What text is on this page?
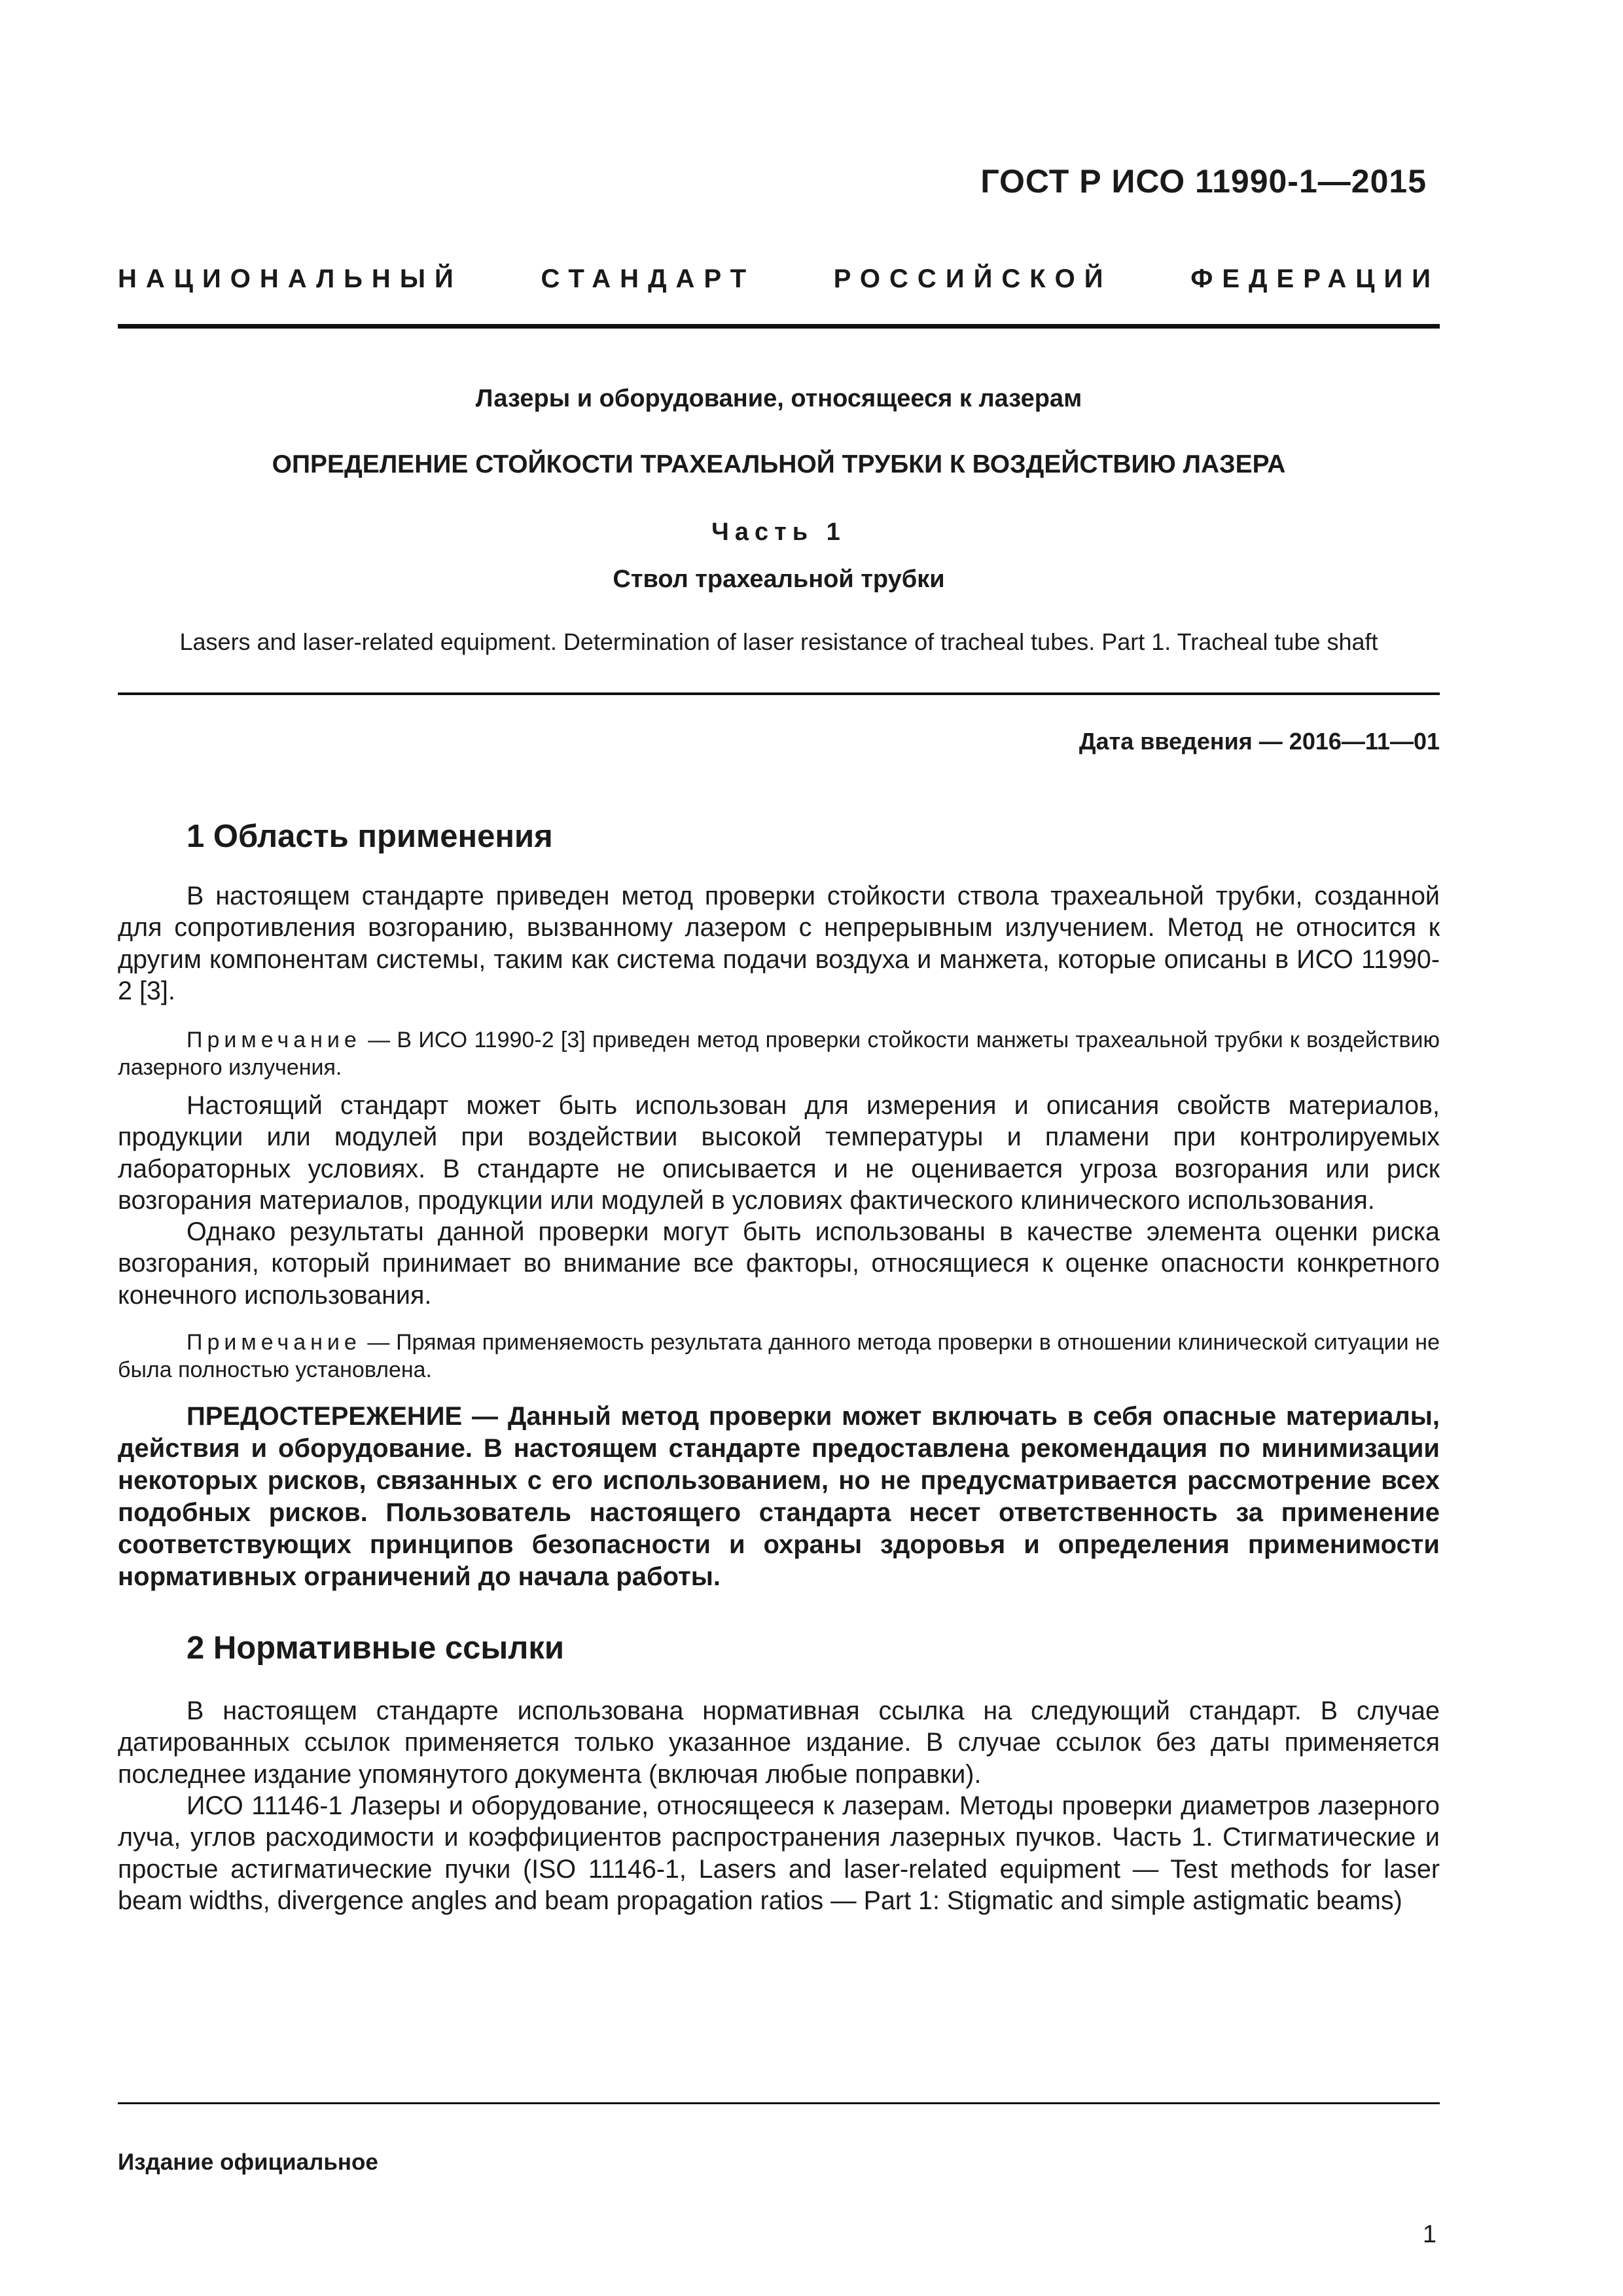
ГОСТ Р ИСО 11990-1—2015
НАЦИОНАЛЬНЫЙ	СТАНДАРТ	РОССИЙСКОЙ	ФЕДЕРАЦИИ
Лазеры и оборудование, относящееся к лазерам
ОПРЕДЕЛЕНИЕ СТОЙКОСТИ ТРАХЕАЛЬНОЙ ТРУБКИ К ВОЗДЕЙСТВИЮ ЛАЗЕРА
Часть 1
Ствол трахеальной трубки
Lasers and laser-related equipment. Determination of laser resistance of tracheal tubes. Part 1. Tracheal tube shaft
Дата введения — 2016—11—01
1 Область применения

В настоящем стандарте приведен метод проверки стойкости ствола трахеальной трубки, созданной для сопротивления возгоранию, вызванному лазером с непрерывным излучением. Метод не относится к другим компонентам системы, таким как система подачи воздуха и манжета, которые описаны в ИСО 11990-2 [3].

Примечание — В ИСО 11990-2 [3] приведен метод проверки стойкости манжеты трахеальной трубки к воздействию лазерного излучения.

Настоящий стандарт может быть использован для измерения и описания свойств материалов, продукции или модулей при воздействии высокой температуры и пламени при контролируемых лабораторных условиях. В стандарте не описывается и не оценивается угроза возгорания или риск возгорания материалов, продукции или модулей в условиях фактического клинического использования.

Однако результаты данной проверки могут быть использованы в качестве элемента оценки риска возгорания, который принимает во внимание все факторы, относящиеся к оценке опасности конкретного конечного использования.

Примечание — Прямая применяемость результата данного метода проверки в отношении клинической ситуации не была полностью установлена.

ПРЕДОСТЕРЕЖЕНИЕ — Данный метод проверки может включать в себя опасные материалы, действия и оборудование. В настоящем стандарте предоставлена рекомендация по минимизации некоторых рисков, связанных с его использованием, но не предусматривается рассмотрение всех подобных рисков. Пользователь настоящего стандарта несет ответственность за применение соответствующих принципов безопасности и охраны здоровья и определения применимости нормативных ограничений до начала работы.

2 Нормативные ссылки

В настоящем стандарте использована нормативная ссылка на следующий стандарт. В случае датированных ссылок применяется только указанное издание. В случае ссылок без даты применяется последнее издание упомянутого документа (включая любые поправки).

ИСО 11146-1 Лазеры и оборудование, относящееся к лазерам. Методы проверки диаметров лазерного луча, углов расходимости и коэффициентов распространения лазерных пучков. Часть 1. Стигматические и простые астигматические пучки (ISO 11146-1, Lasers and laser-related equipment — Test methods for laser beam widths, divergence angles and beam propagation ratios — Part 1: Stigmatic and simple astigmatic beams)

Издание официальное
1
